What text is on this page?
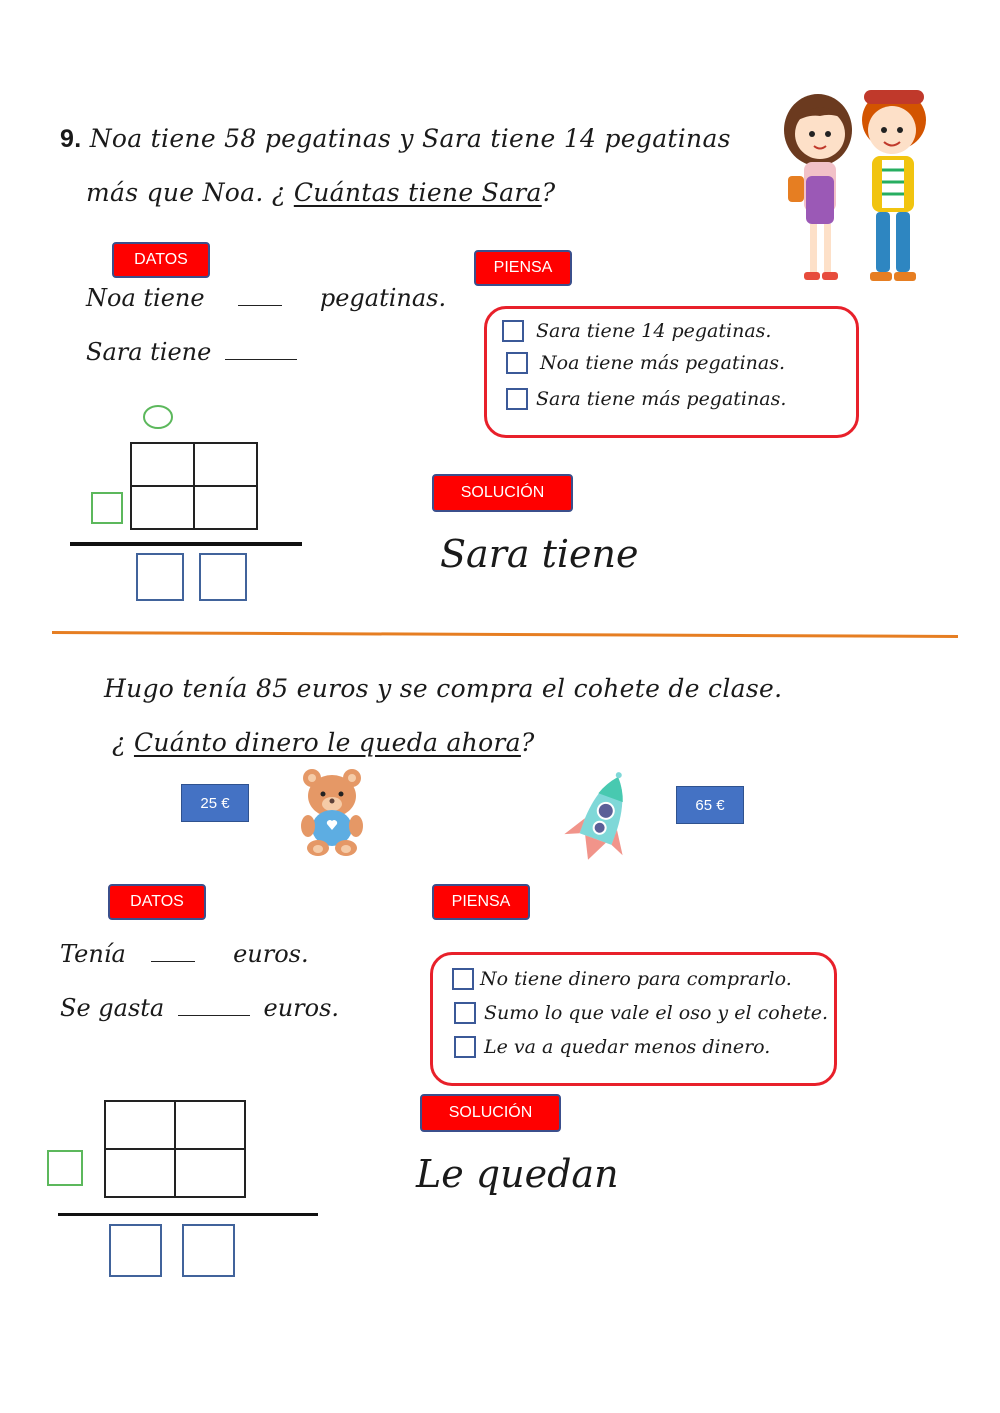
9. Noa tiene 58 pegatinas y Sara tiene 14 pegatinas
más que Noa. ¿ Cuántas tiene Sara?
DATOS	PIENSA
SOLUCIÓN
Noa tiene	pegatinas.
Sara tiene
Sara tiene 14 pegatinas.
Noa tiene más pegatinas.
Sara tiene más pegatinas.
Sara tiene
Hugo tenía 85 euros y se compra el cohete de clase.
¿ Cuánto dinero le queda ahora?
25 €	65 €
DATOS	PIENSA
SOLUCIÓN
Tenía	euros.
Se gasta	euros.
No tiene dinero para comprarlo.
Sumo lo que vale el oso y el cohete.
Le va a quedar menos dinero.
Le quedan
